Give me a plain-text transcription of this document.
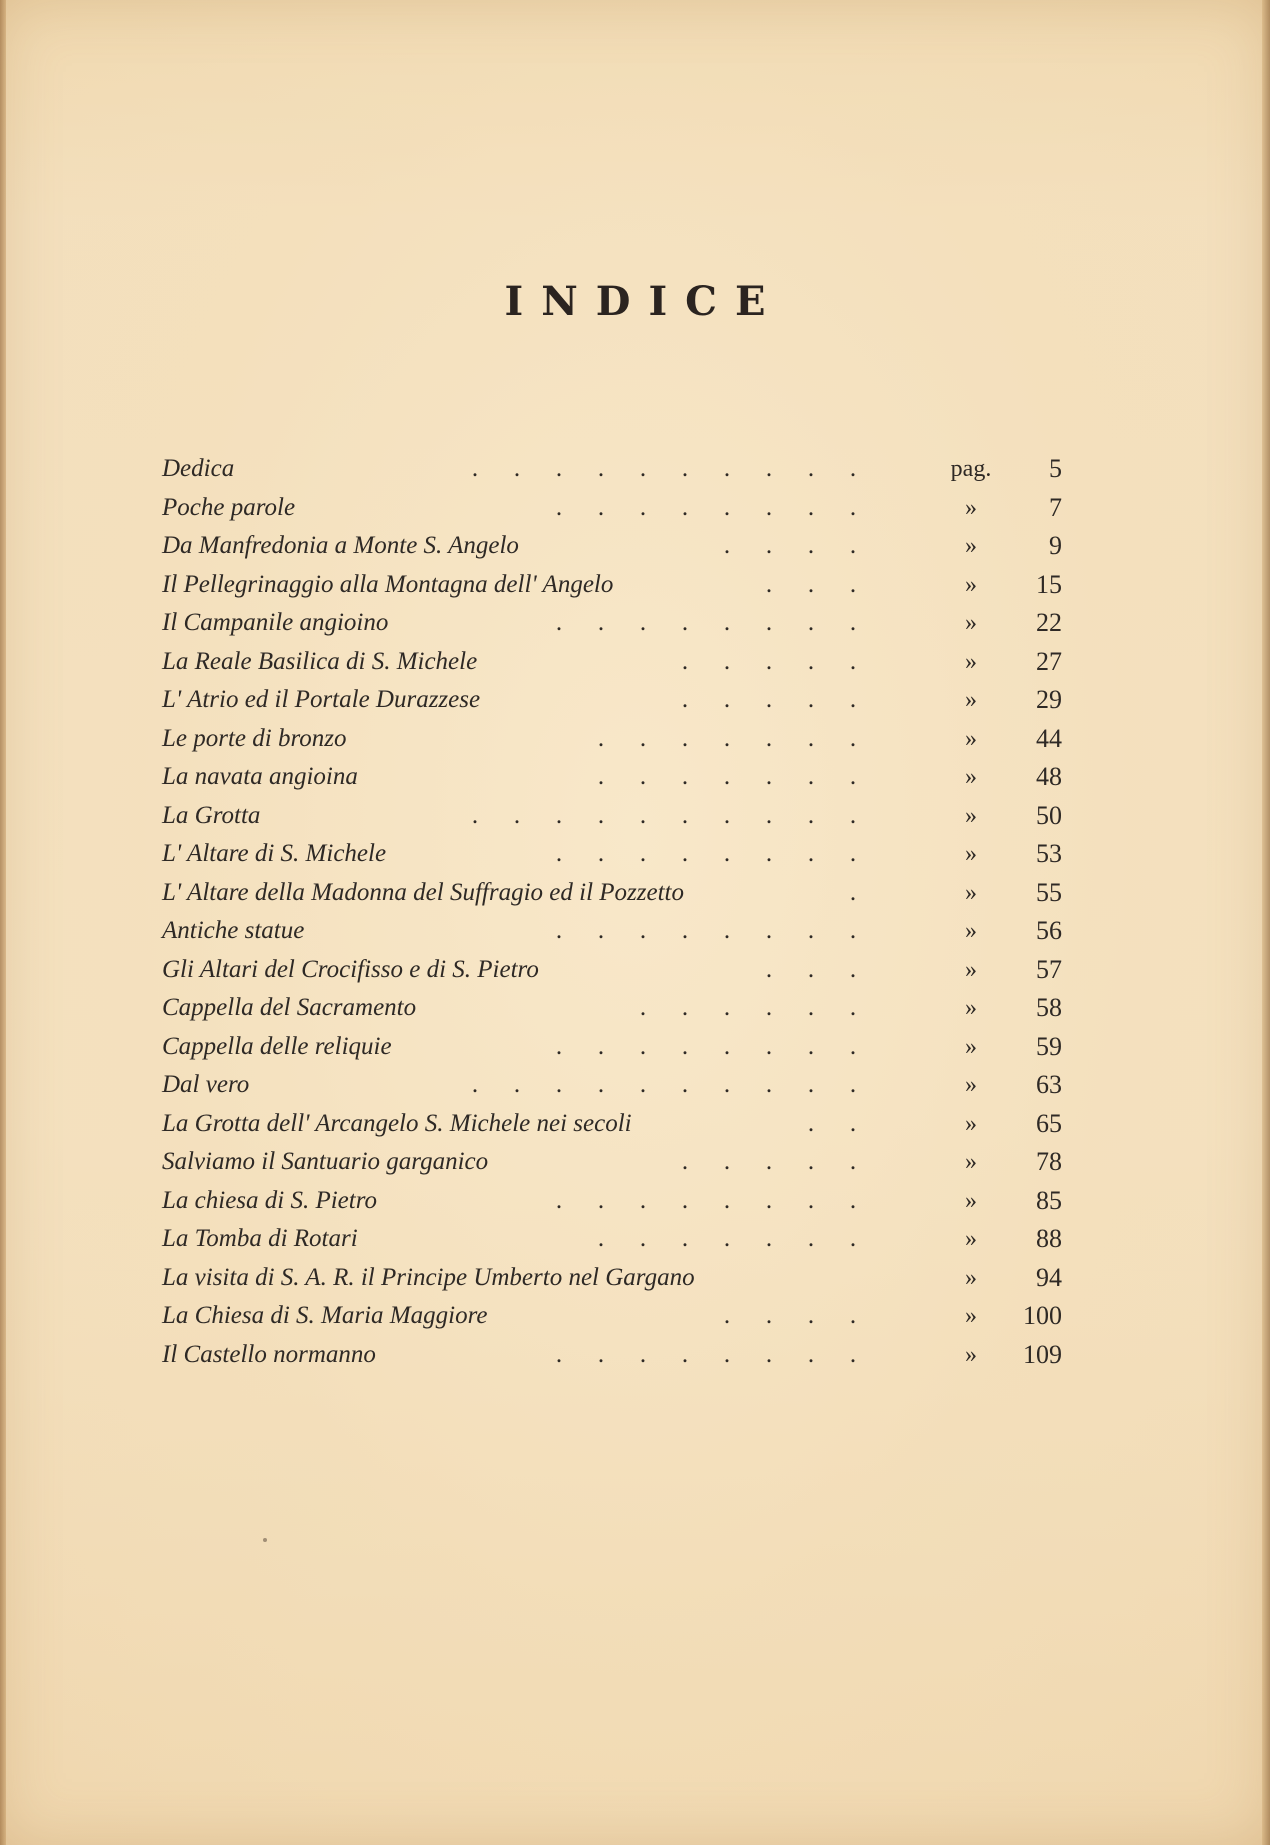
INDICE
Dedica	. . . . . . . . . .	pag.	5
Poche parole	. . . . . . . .	»	7
Da Manfredonia a Monte S. Angelo	. . . .	»	9
Il Pellegrinaggio alla Montagna dell' Angelo	. . .	»	15
Il Campanile angioino	. . . . . . . .	»	22
La Reale Basilica di S. Michele	. . . . .	»	27
L' Atrio ed il Portale Durazzese	. . . . .	»	29
Le porte di bronzo	. . . . . . .	»	44
La navata angioina	. . . . . . .	»	48
La Grotta	. . . . . . . . . .	»	50
L' Altare di S. Michele	. . . . . . . .	»	53
L' Altare della Madonna del Suffragio ed il Pozzetto	.	»	55
Antiche statue	. . . . . . . .	»	56
Gli Altari del Crocifisso e di S. Pietro	. . .	»	57
Cappella del Sacramento	. . . . . .	»	58
Cappella delle reliquie	. . . . . . . .	»	59
Dal vero	. . . . . . . . . .	»	63
La Grotta dell' Arcangelo S. Michele nei secoli	. .	»	65
Salviamo il Santuario garganico	. . . . .	»	78
La chiesa di S. Pietro	. . . . . . . .	»	85
La Tomba di Rotari	. . . . . . .	»	88
La visita di S. A. R. il Principe Umberto nel Gargano	»	94
La Chiesa di S. Maria Maggiore	. . . .	»	100
Il Castello normanno	. . . . . . . .	»	109
